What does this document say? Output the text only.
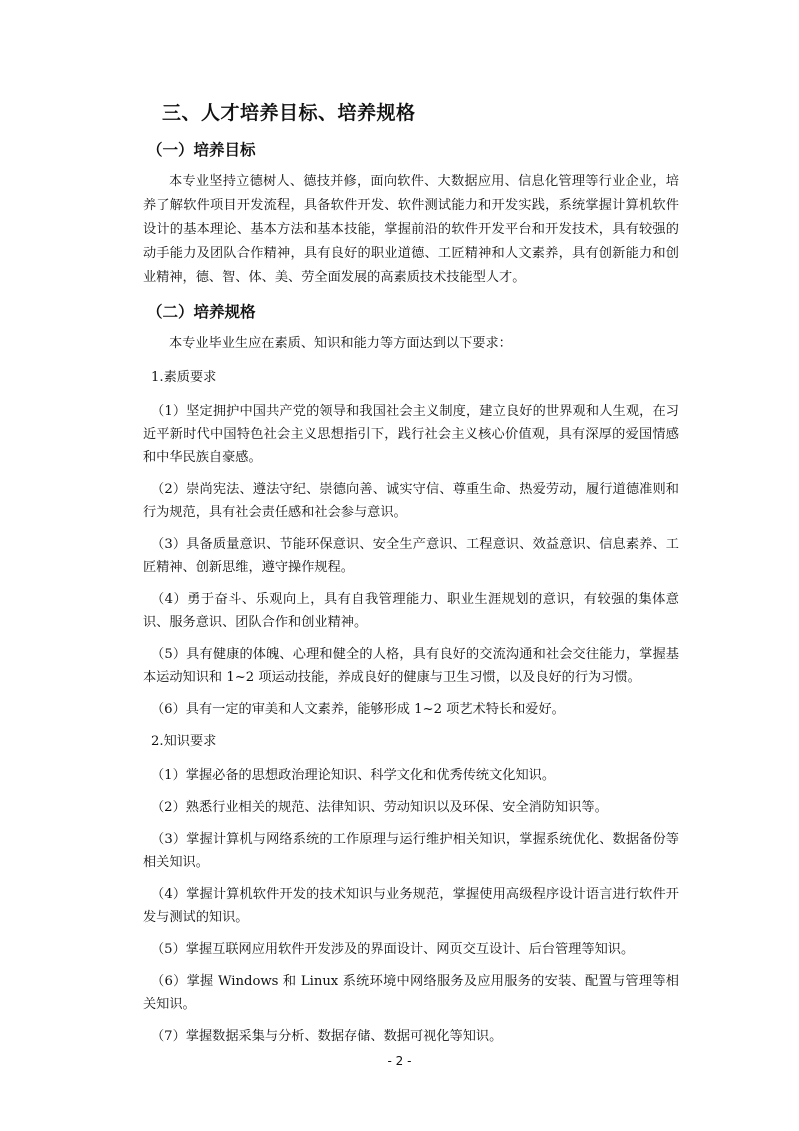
三、人才培养目标、培养规格
（一）培养目标

本专业坚持立德树人、德技并修，面向软件、大数据应用、信息化管理等行业企业，培养了解软件项目开发流程，具备软件开发、软件测试能力和开发实践，系统掌握计算机软件设计的基本理论、基本方法和基本技能，掌握前沿的软件开发平台和开发技术，具有较强的动手能力及团队合作精神，具有良好的职业道德、工匠精神和人文素养，具有创新能力和创业精神，德、智、体、美、劳全面发展的高素质技术技能型人才。

（二）培养规格

本专业毕业生应在素质、知识和能力等方面达到以下要求：

1.素质要求

（1）坚定拥护中国共产党的领导和我国社会主义制度，建立良好的世界观和人生观，在习近平新时代中国特色社会主义思想指引下，践行社会主义核心价值观，具有深厚的爱国情感和中华民族自豪感。

（2）崇尚宪法、遵法守纪、崇德向善、诚实守信、尊重生命、热爱劳动，履行道德准则和行为规范，具有社会责任感和社会参与意识。

（3）具备质量意识、节能环保意识、安全生产意识、工程意识、效益意识、信息素养、工匠精神、创新思维，遵守操作规程。

（4）勇于奋斗、乐观向上，具有自我管理能力、职业生涯规划的意识，有较强的集体意识、服务意识、团队合作和创业精神。

（5）具有健康的体魄、心理和健全的人格，具有良好的交流沟通和社会交往能力，掌握基本运动知识和 1~2 项运动技能，养成良好的健康与卫生习惯，以及良好的行为习惯。

（6）具有一定的审美和人文素养，能够形成 1~2 项艺术特长和爱好。

2.知识要求

（1）掌握必备的思想政治理论知识、科学文化和优秀传统文化知识。

（2）熟悉行业相关的规范、法律知识、劳动知识以及环保、安全消防知识等。

（3）掌握计算机与网络系统的工作原理与运行维护相关知识，掌握系统优化、数据备份等相关知识。

（4）掌握计算机软件开发的技术知识与业务规范，掌握使用高级程序设计语言进行软件开发与测试的知识。

（5）掌握互联网应用软件开发涉及的界面设计、网页交互设计、后台管理等知识。

（6）掌握 Windows 和 Linux 系统环境中网络服务及应用服务的安装、配置与管理等相关知识。

（7）掌握数据采集与分析、数据存储、数据可视化等知识。

- 2 -
